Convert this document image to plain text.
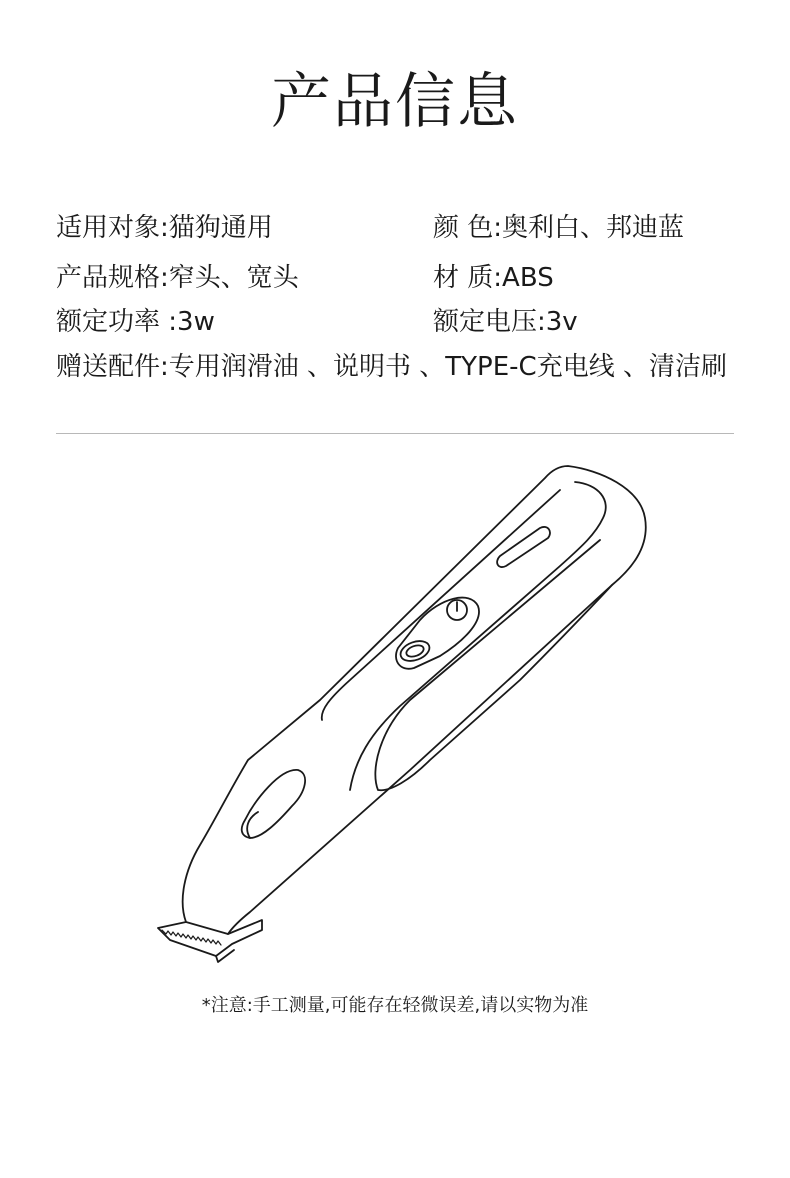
产品信息
适用对象:猫狗通用	颜 色:奥利白、邦迪蓝
产品规格:窄头、宽头	材 质:ABS
额定功率 :3w	额定电压:3v
赠送配件:专用润滑油 、说明书 、TYPE-C充电线 、清洁刷
*注意:手工测量,可能存在轻微误差,请以实物为准
